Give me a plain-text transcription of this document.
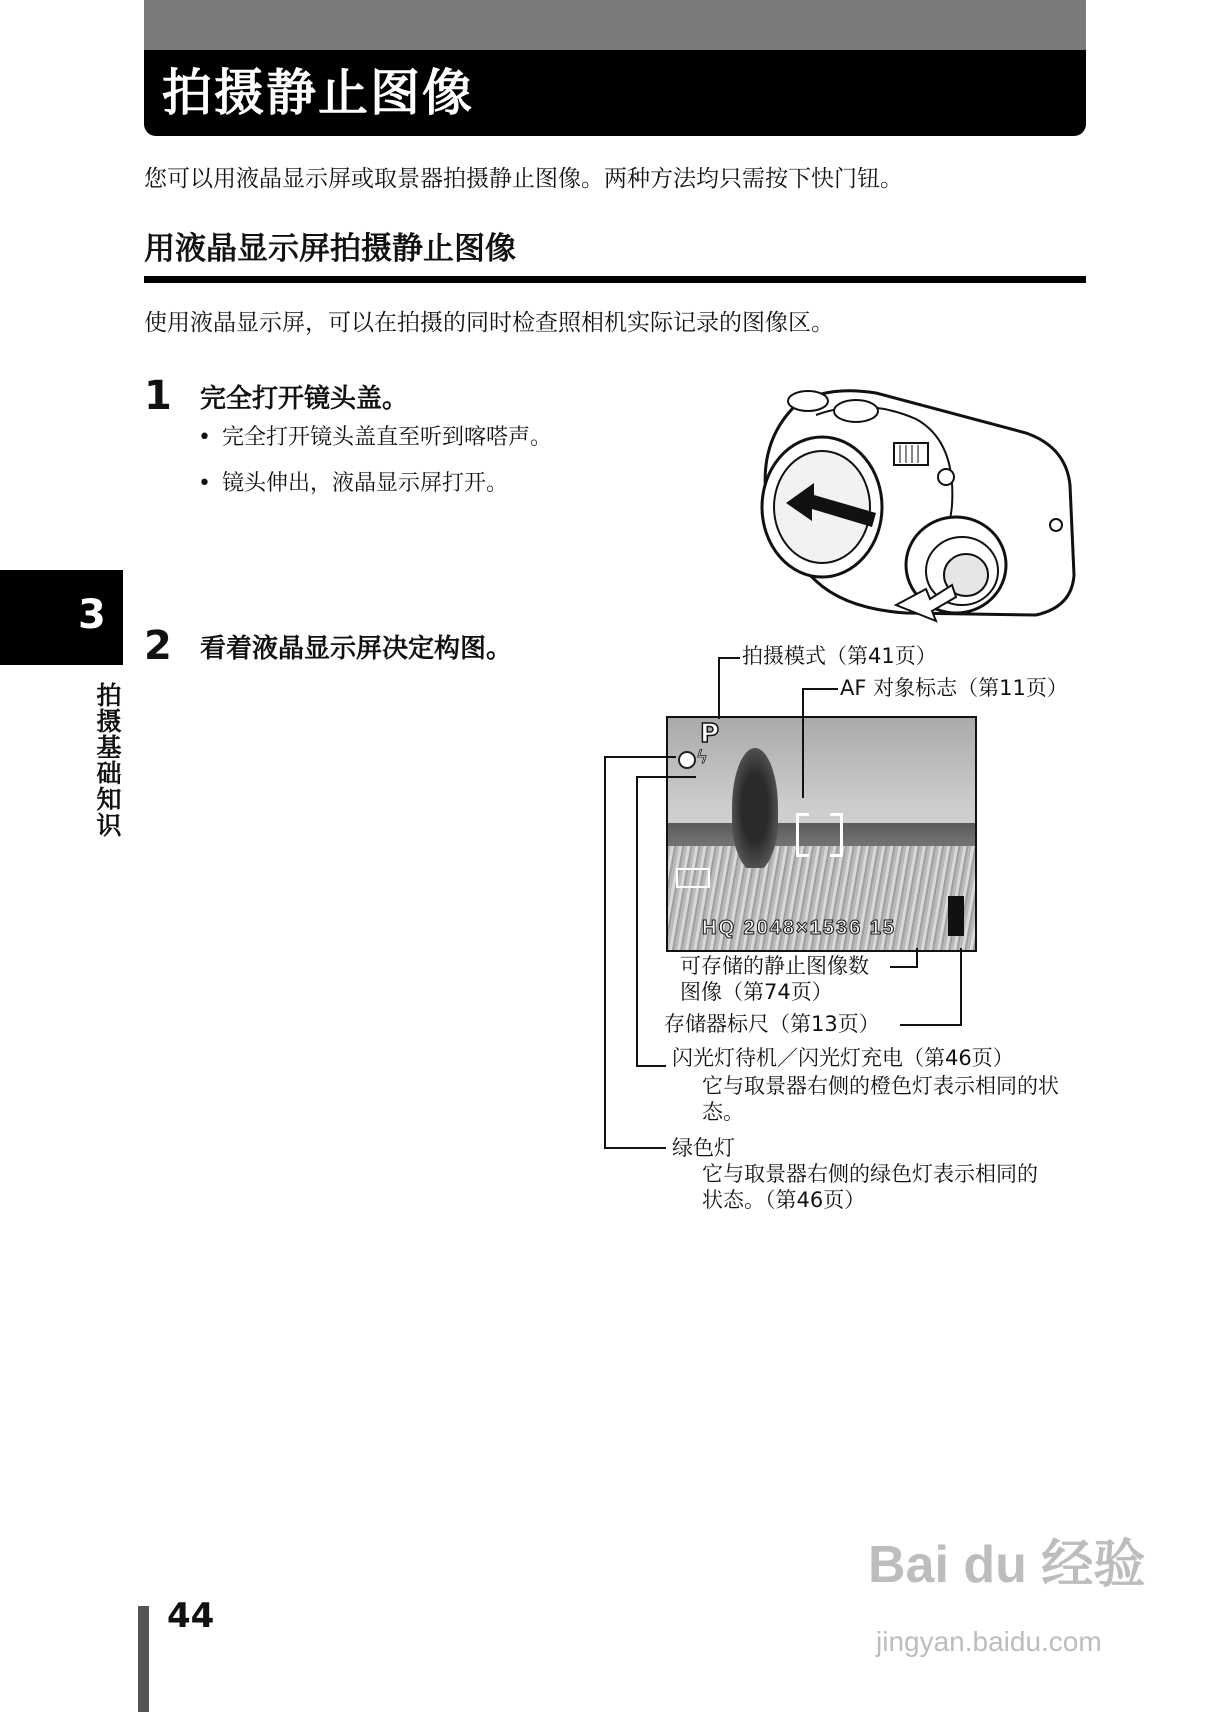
拍摄静止图像
您可以用液晶显示屏或取景器拍摄静止图像。两种方法均只需按下快门钮。
用液晶显示屏拍摄静止图像
使用液晶显示屏，可以在拍摄的同时检查照相机实际记录的图像区。
1 完全打开镜头盖。
• 完全打开镜头盖直至听到喀嗒声。
• 镜头伸出，液晶显示屏打开。
2 看着液晶显示屏决定构图。
P
ϟ
HQ 2048×1536 15
拍摄模式（第41页）
AF 对象标志（第11页）
可存储的静止图像数
图像（第74页）
存储器标尺（第13页）
闪光灯待机／闪光灯充电（第46页）
它与取景器右侧的橙色灯表示相同的状
态。
绿色灯
它与取景器右侧的绿色灯表示相同的
状态。（第46页）
3
拍摄基础知识
44
Bai du 经验
jingyan.baidu.com
